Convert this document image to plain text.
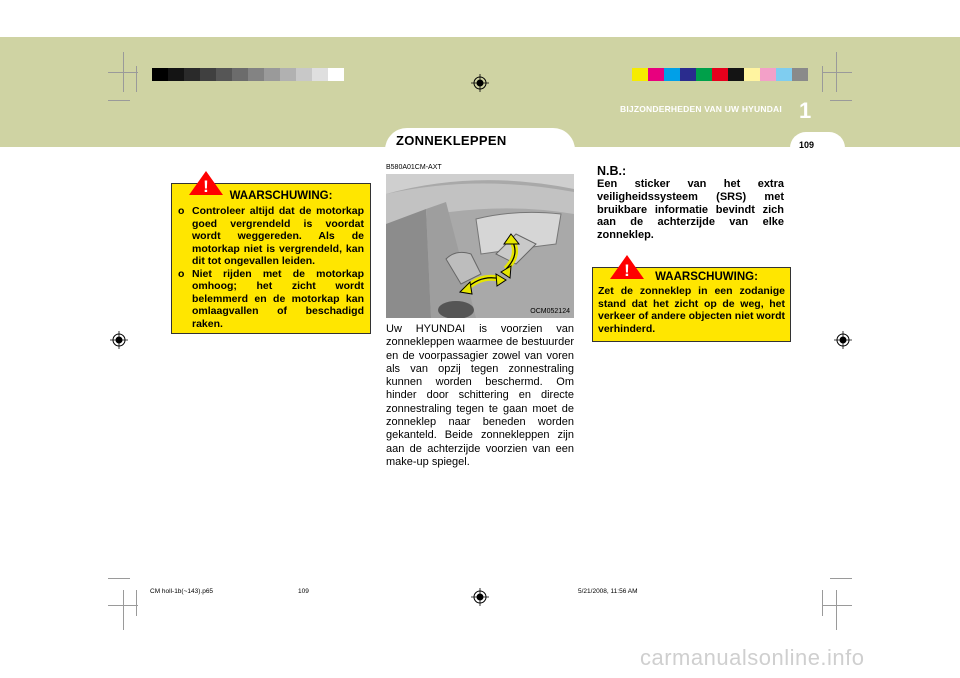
ZONNEKLEPPEN
BIJZONDERHEDEN VAN UW HYUNDAI 1
109
! WAARSCHUWING:
o Controleer altijd dat de motorkap goed vergrendeld is voordat wordt weggereden. Als de motorkap niet is vergrendeld, kan dit tot ongevallen leiden.
o Niet rijden met de motorkap omhoog; het zicht wordt belemmerd en de motorkap kan omlaagvallen of beschadigd raken.
B580A01CM-AXT
OCM052124
Uw HYUNDAI is voorzien van zonnekleppen waarmee de bestuurder en de voorpassagier zowel van voren als van opzij tegen zonnestraling kunnen worden beschermd. Om hinder door schittering en directe zonnestraling tegen te gaan moet de zonneklep naar beneden worden gekanteld. Beide zonnekleppen zijn aan de achterzijde voorzien van een make-up spiegel.
N.B.:
Een sticker van het extra veiligheidssysteem (SRS) met bruikbare informatie bevindt zich aan de achterzijde van elke zonneklep.
! WAARSCHUWING:
Zet de zonneklep in een zodanige stand dat het zicht op de weg, het verkeer of andere objecten niet wordt verhinderd.
CM holl-1b(~143).p65	109	5/21/2008, 11:56 AM
carmanualsonline.info
